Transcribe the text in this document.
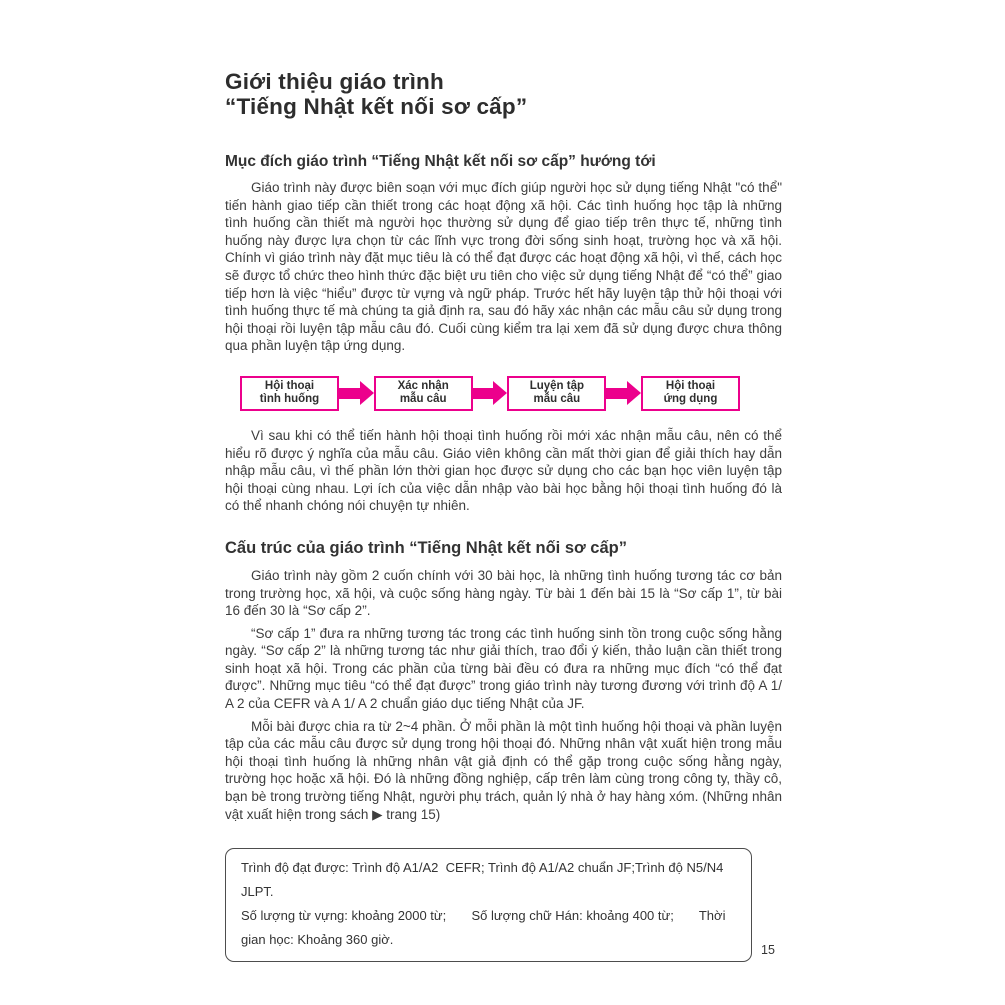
Giới thiệu giáo trình
“Tiếng Nhật kết nối sơ cấp”
Mục đích giáo trình “Tiếng Nhật kết nối sơ cấp” hướng tới

Giáo trình này được biên soạn với mục đích giúp người học sử dụng tiếng Nhật "có thể" tiến hành giao tiếp cần thiết trong các hoạt động xã hội. Các tình huống học tập là những tình huống cần thiết mà người học thường sử dụng để giao tiếp trên thực tế, những tình huống này được lựa chọn từ các lĩnh vực trong đời sống sinh hoạt, trường học và xã hội. Chính vì giáo trình này đặt mục tiêu là có thể đạt được các hoạt động xã hội, vì thế, cách học sẽ được tổ chức theo hình thức đặc biệt ưu tiên cho việc sử dụng tiếng Nhật để “có thể” giao tiếp hơn là việc “hiểu” được từ vựng và ngữ pháp. Trước hết hãy luyện tập thử hội thoại với tình huống thực tế mà chúng ta giả định ra, sau đó hãy xác nhận các mẫu câu sử dụng trong hội thoại rồi luyện tập mẫu câu đó. Cuối cùng kiểm tra lại xem đã sử dụng được chưa thông qua phần luyện tập ứng dụng.

Hội thoại
tình huống
Xác nhận
mẫu câu
Luyện tập
mẫu câu
Hội thoại
ứng dụng

Vì sau khi có thể tiến hành hội thoại tình huống rồi mới xác nhận mẫu câu, nên có thể hiểu rõ được ý nghĩa của mẫu câu. Giáo viên không cần mất thời gian để giải thích hay dẫn nhập mẫu câu, vì thế phần lớn thời gian học được sử dụng cho các bạn học viên luyện tập hội thoại cùng nhau. Lợi ích của việc dẫn nhập vào bài học bằng hội thoại tình huống đó là có thể nhanh chóng nói chuyện tự nhiên.

Cấu trúc của giáo trình “Tiếng Nhật kết nối sơ cấp”

Giáo trình này gồm 2 cuốn chính với 30 bài học, là những tình huống tương tác cơ bản trong trường học, xã hội, và cuộc sống hàng ngày. Từ bài 1 đến bài 15 là “Sơ cấp 1”, từ bài 16 đến 30 là “Sơ cấp 2”.

“Sơ cấp 1” đưa ra những tương tác trong các tình huống sinh tồn trong cuộc sống hằng ngày. “Sơ cấp 2” là những tương tác như giải thích, trao đổi ý kiến, thảo luận cần thiết trong sinh hoạt xã hội. Trong các phần của từng bài đều có đưa ra những mục đích “có thể đạt được”. Những mục tiêu “có thể đạt được” trong giáo trình này tương đương với trình độ A 1/ A 2 của CEFR và A 1/ A 2 chuẩn giáo dục tiếng Nhật của JF.

Mỗi bài được chia ra từ 2~4 phần. Ở mỗi phần là một tình huống hội thoại và phần luyện tập của các mẫu câu được sử dụng trong hội thoại đó. Những nhân vật xuất hiện trong mẫu hội thoại tình huống là những nhân vật giả định có thể gặp trong cuộc sống hằng ngày, trường học hoặc xã hội. Đó là những đồng nghiệp, cấp trên làm cùng trong công ty, thầy cô, bạn bè trong trường tiếng Nhật, người phụ trách, quản lý nhà ở hay hàng xóm. (Những nhân vật xuất hiện trong sách ▶ trang 15)

Trình độ đạt được: Trình độ A1/A2  CEFR; Trình độ A1/A2 chuẩn JF;Trình độ N5/N4 JLPT.

Số lượng từ vựng: khoảng 2000 từ;       Số lượng chữ Hán: khoảng 400 từ;       Thời gian học: Khoảng 360 giờ.

15
